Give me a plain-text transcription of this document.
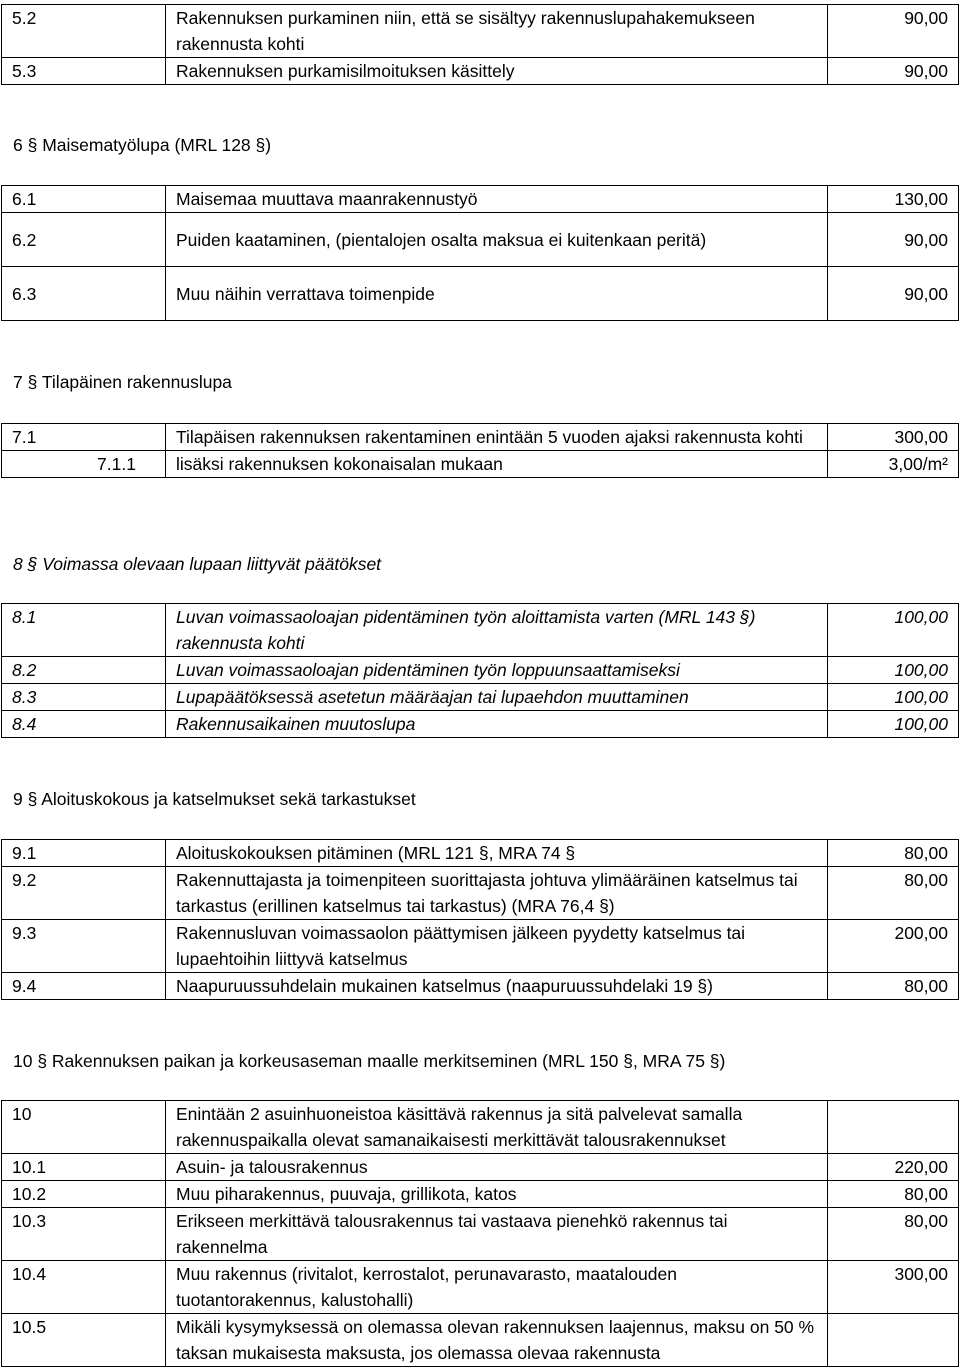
5.2	Rakennuksen purkaminen niin, että se sisältyy rakennuslupahakemukseen rakennusta kohti	90,00
5.3	Rakennuksen purkamisilmoituksen käsittely	90,00
6 § Maisematyölupa (MRL 128 §)
6.1	Maisemaa muuttava maanrakennustyö	130,00
6.2	Puiden kaataminen, (pientalojen osalta maksua ei kuitenkaan peritä)	90,00
6.3	Muu näihin verrattava toimenpide	90,00
7 § Tilapäinen rakennuslupa
7.1	Tilapäisen rakennuksen rakentaminen enintään 5 vuoden ajaksi rakennusta kohti	300,00
7.1.1	lisäksi rakennuksen kokonaisalan mukaan	3,00/m²
8 § Voimassa olevaan lupaan liittyvät päätökset
8.1	Luvan voimassaoloajan pidentäminen työn aloittamista varten (MRL 143 §) rakennusta kohti	100,00
8.2	Luvan voimassaoloajan pidentäminen työn loppuunsaattamiseksi	100,00
8.3	Lupapäätöksessä asetetun määräajan tai lupaehdon muuttaminen	100,00
8.4	Rakennusaikainen muutoslupa	100,00
9 § Aloituskokous ja katselmukset sekä tarkastukset
9.1	Aloituskokouksen pitäminen (MRL 121 §, MRA 74 §	80,00
9.2	Rakennuttajasta ja toimenpiteen suorittajasta johtuva ylimääräinen katselmus tai tarkastus (erillinen katselmus tai tarkastus) (MRA 76,4 §)	80,00
9.3	Rakennusluvan voimassaolon päättymisen jälkeen pyydetty katselmus tai lupaehtoihin liittyvä katselmus	200,00
9.4	Naapuruussuhdelain mukainen katselmus (naapuruussuhdelaki 19 §)	80,00
10 § Rakennuksen paikan ja korkeusaseman maalle merkitseminen (MRL 150 §, MRA 75 §)
10	Enintään 2 asuinhuoneistoa käsittävä rakennus ja sitä palvelevat samalla rakennuspaikalla olevat samanaikaisesti merkittävät talousrakennukset	
10.1	Asuin- ja talousrakennus	220,00
10.2	Muu piharakennus, puuvaja, grillikota, katos	80,00
10.3	Erikseen merkittävä talousrakennus tai vastaava pienehkö rakennus tai rakennelma	80,00
10.4	Muu rakennus (rivitalot, kerrostalot, perunavarasto, maatalouden tuotantorakennus, kalustohalli)	300,00
10.5	Mikäli kysymyksessä on olemassa olevan rakennuksen laajennus, maksu on 50 % taksan mukaisesta maksusta, jos olemassa olevaa rakennusta	
